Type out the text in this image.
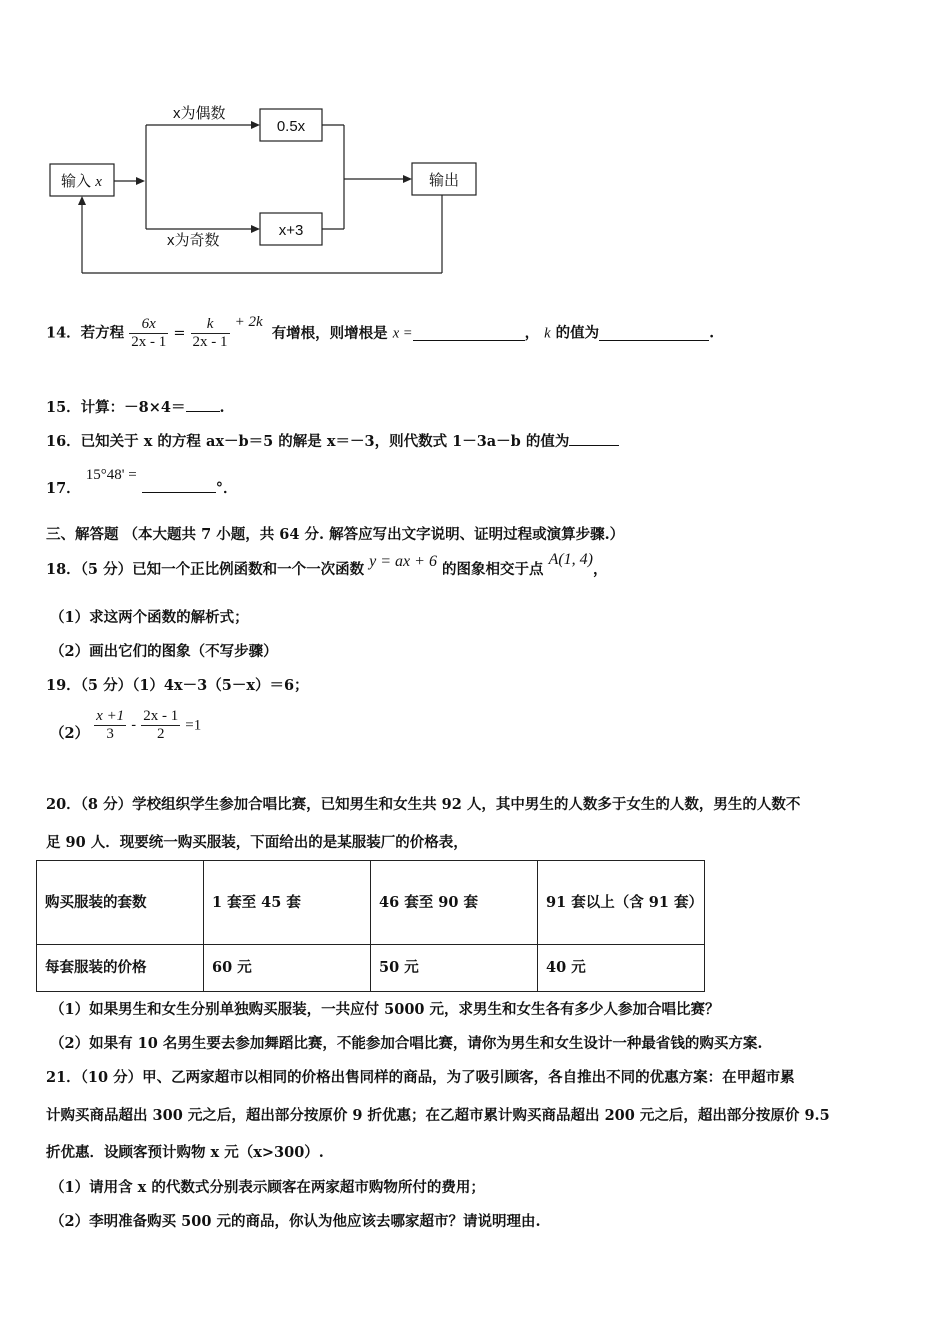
输入 x
x为偶数
x为奇数
0.5x
x+3
输出
14．若方程 $\frac{6x}{2x - 1} = \frac{k}{2x - 1} + 2k$ 有增根，则增根是 x =	， k 的值为	.
15．计算：－8×4＝ .
16．已知关于 x 的方程 ax－b＝5 的解是 x＝－3，则代数式 1－3a－b 的值为
17． 15°48' = °．
三、解答题 （本大题共 7 小题，共 64 分. 解答应写出文字说明、证明过程或演算步骤.）
18．（5 分）已知一个正比例函数和一个一次函数 y = ax + 6 的图象相交于点 A(1, 4)，
（1）求这两个函数的解析式；
（2）画出它们的图象（不写步骤）
19．（5 分）（1）4x－3（5－x）＝6；
$(2) \frac{x +1}{3} - \frac{2x - 1}{2} =1$
20．（8 分）学校组织学生参加合唱比赛，已知男生和女生共 92 人，其中男生的人数多于女生的人数，男生的人数不
足 90 人．现要统一购买服装，下面给出的是某服装厂的价格表，
购买服装的套数	1 套至 45 套	46 套至 90 套	91 套以上（含 91 套）
每套服装的价格	60 元	50 元	40 元
（1）如果男生和女生分别单独购买服装，一共应付 5000 元，求男生和女生各有多少人参加合唱比赛？
（2）如果有 10 名男生要去参加舞蹈比赛，不能参加合唱比赛，请你为男生和女生设计一种最省钱的购买方案.
21．（10 分）甲、乙两家超市以相同的价格出售同样的商品，为了吸引顾客，各自推出不同的优惠方案：在甲超市累
计购买商品超出 300 元之后，超出部分按原价 9 折优惠；在乙超市累计购买商品超出 200 元之后，超出部分按原价 9.5
折优惠．设顾客预计购物 x 元（x>300）.
（1）请用含 x 的代数式分别表示顾客在两家超市购物所付的费用；
（2）李明准备购买 500 元的商品，你认为他应该去哪家超市？请说明理由.
